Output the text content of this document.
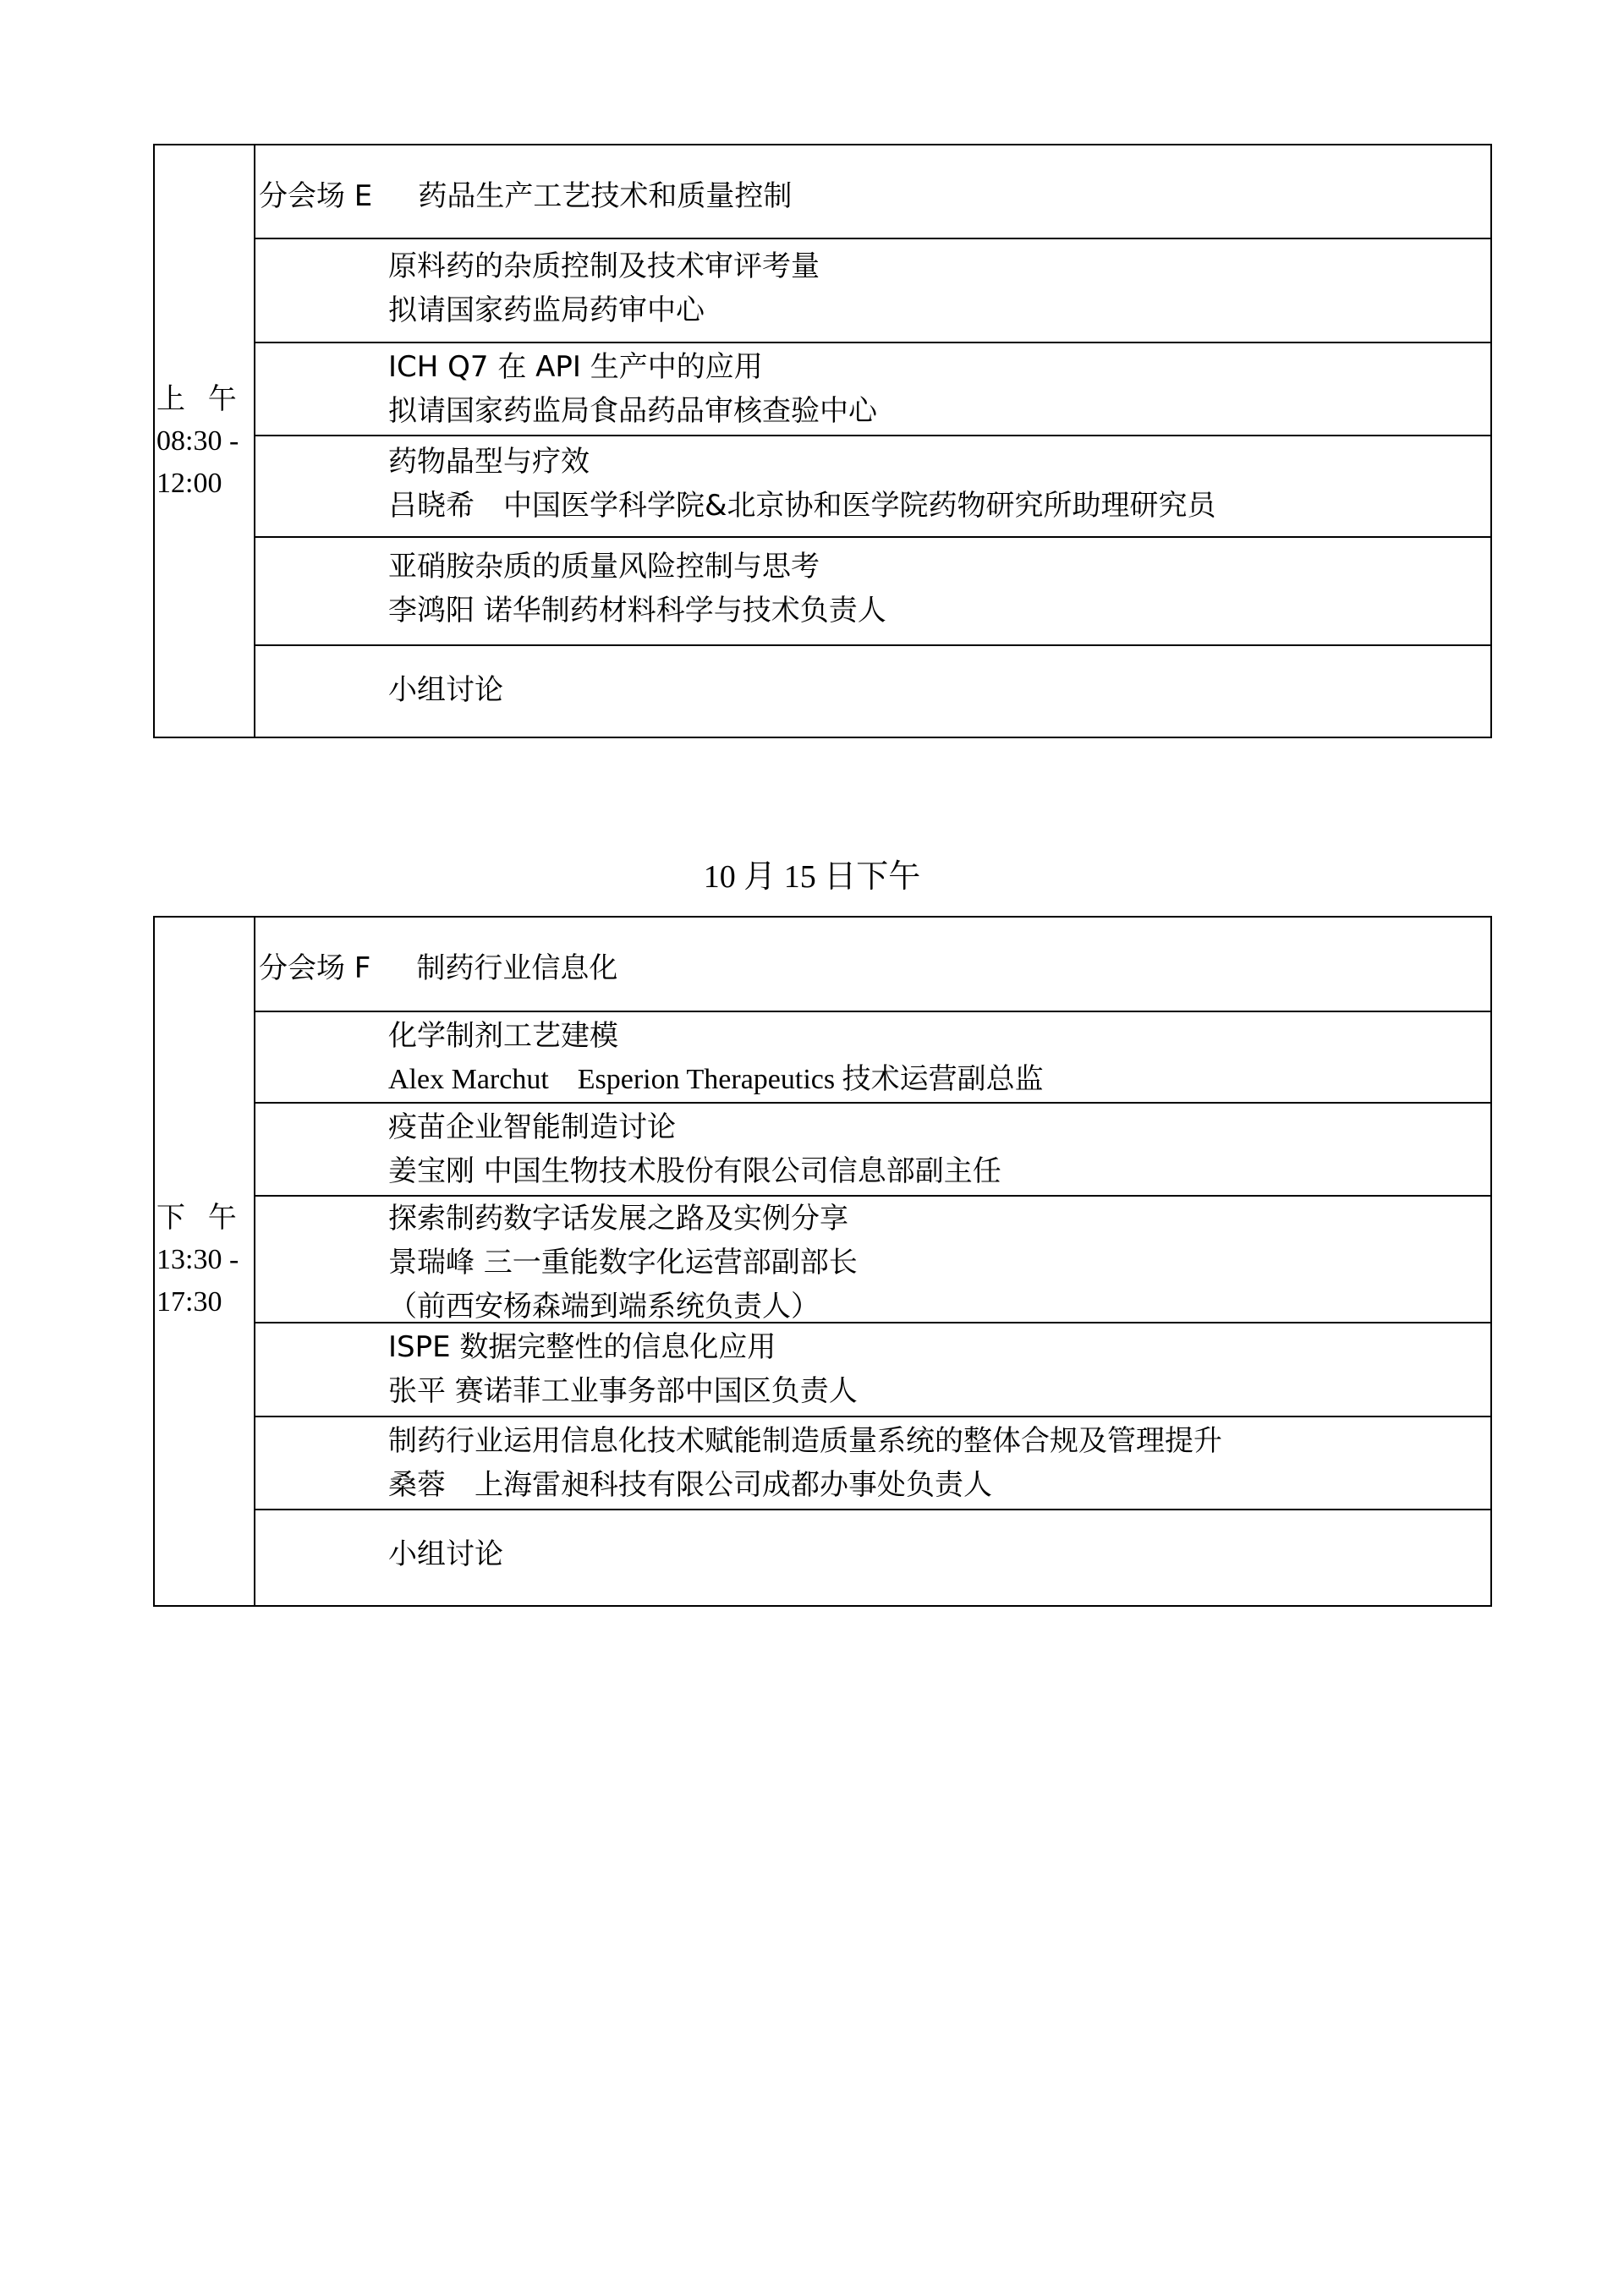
上 午
08:30 -
12:00
分会场 E 药品生产工艺技术和质量控制
原料药的杂质控制及技术审评考量
拟请国家药监局药审中心
ICH Q7 在 API 生产中的应用
拟请国家药监局食品药品审核查验中心
药物晶型与疗效
吕晓希　中国医学科学院&北京协和医学院药物研究所助理研究员
亚硝胺杂质的质量风险控制与思考
李鸿阳 诺华制药材料科学与技术负责人
小组讨论
10 月 15 日下午
下 午
13:30 -
17:30
分会场 F 制药行业信息化
化学制剂工艺建模
Alex Marchut　Esperion Therapeutics 技术运营副总监
疫苗企业智能制造讨论
姜宝刚 中国生物技术股份有限公司信息部副主任
探索制药数字话发展之路及实例分享
景瑞峰 三一重能数字化运营部副部长
（前西安杨森端到端系统负责人）
ISPE 数据完整性的信息化应用
张平 赛诺菲工业事务部中国区负责人
制药行业运用信息化技术赋能制造质量系统的整体合规及管理提升
桑蓉　上海雷昶科技有限公司成都办事处负责人
小组讨论
